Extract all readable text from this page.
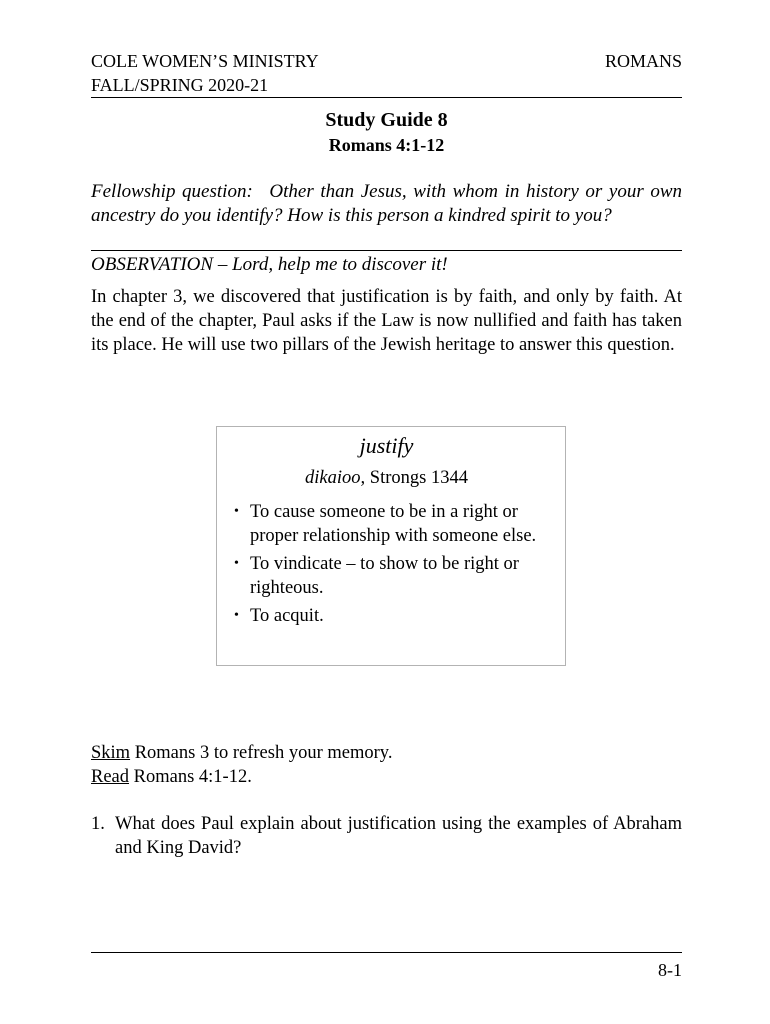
COLE WOMEN’S MINISTRY
FALL/SPRING 2020-21
ROMANS
Study Guide 8
Romans 4:1-12
Fellowship question: Other than Jesus, with whom in history or your own ancestry do you identify? How is this person a kindred spirit to you?
OBSERVATION – Lord, help me to discover it!
In chapter 3, we discovered that justification is by faith, and only by faith. At the end of the chapter, Paul asks if the Law is now nullified and faith has taken its place. He will use two pillars of the Jewish heritage to answer this question.
justify
dikaioo, Strongs 1344
• To cause someone to be in a right or proper relationship with someone else.
• To vindicate – to show to be right or righteous.
• To acquit.
Skim Romans 3 to refresh your memory.
Read Romans 4:1-12.
1. What does Paul explain about justification using the examples of Abraham and King David?
8-1
